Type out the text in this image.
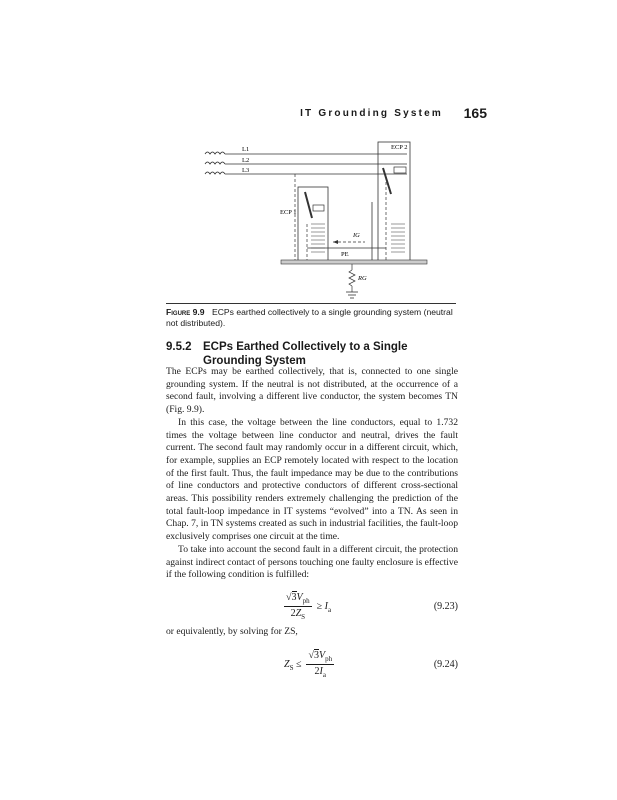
IT Grounding System 165
L1
L2
L3
ECP 2
ECP 1
IG
PE
RG
Figure 9.9 ECPs earthed collectively to a single grounding system (neutral not distributed).
9.5.2 ECPs Earthed Collectively to a Single
Grounding System

The ECPs may be earthed collectively, that is, connected to one single grounding system. If the neutral is not distributed, at the occurrence of a second fault, involving a different live conductor, the system becomes TN (Fig. 9.9).

In this case, the voltage between the line conductors, equal to 1.732 times the voltage between line conductor and neutral, drives the fault current. The second fault may randomly occur in a different circuit, which, for example, supplies an ECP remotely located with respect to the location of the first fault. Thus, the fault impedance may be due to the contributions of line conductors and protective conductors of different cross-sectional areas. This possibility renders extremely challenging the prediction of the total fault-loop impedance in IT systems “evolved” into a TN. As seen in Chap. 7, in TN systems created as such in industrial facilities, the fault-loop exclusively comprises one circuit at the time.

To take into account the second fault in a different circuit, the protection against indirect contact of persons touching one faulty enclosure is effective if the following condition is fulfilled:

$\frac{√3V_{ph}}{2Z_S} \ge I_a$	(9.23)
or equivalently, by solving for ZS,
$Z_S \le \frac{√3V_{ph}}{2I_a}$	(9.24)
